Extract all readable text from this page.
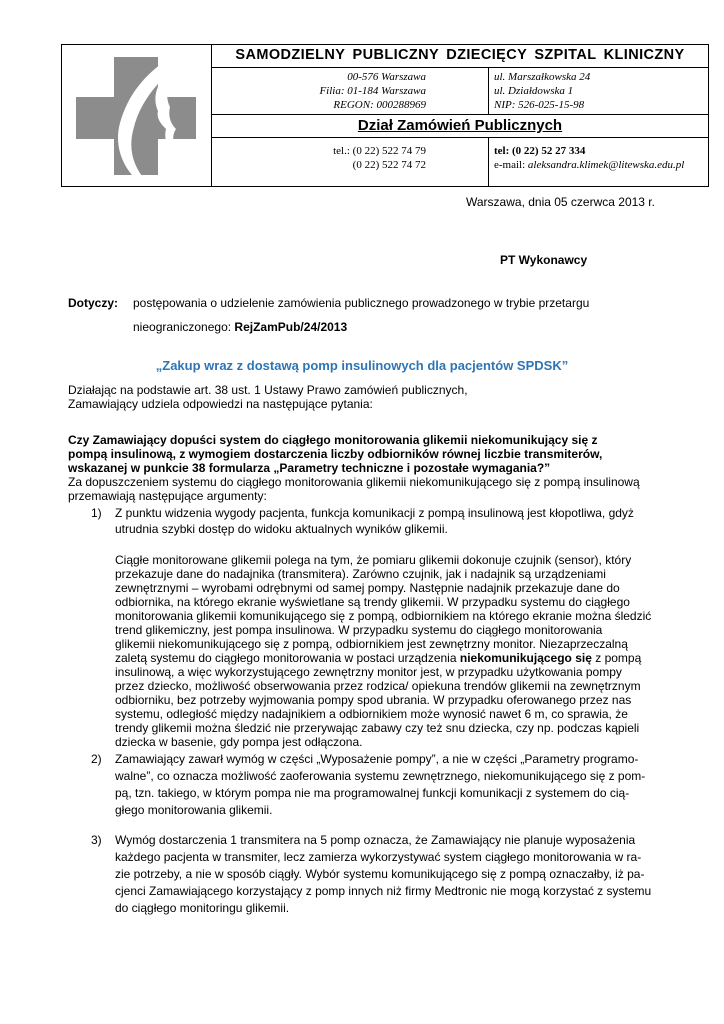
SAMODZIELNY PUBLICZNY DZIECIĘCY SZPITAL KLINICZNY
00-576 Warszawa
Filia: 01-184 Warszawa
REGON: 000288969
ul. Marszałkowska 24
ul. Działdowska 1
NIP: 526-025-15-98
Dział Zamówień Publicznych
tel.: (0 22) 522 74 79
(0 22) 522 74 72
tel: (0 22) 52 27 334
e-mail: aleksandra.klimek@litewska.edu.pl
Warszawa, dnia 05 czerwca 2013 r.
PT Wykonawcy
Dotyczy: postępowania o udzielenie zamówienia publicznego prowadzonego w trybie przetargu
nieograniczonego: RejZamPub/24/2013
„Zakup wraz z dostawą pomp insulinowych dla pacjentów SPDSK”
Działając na podstawie art. 38 ust. 1 Ustawy Prawo zamówień publicznych,
Zamawiający udziela odpowiedzi na następujące pytania:
Czy Zamawiający dopuści system do ciągłego monitorowania glikemii niekomunikujący się z
pompą insulinową, z wymogiem dostarczenia liczby odbiorników równej liczbie transmiterów,
wskazanej w punkcie 38 formularza „Parametry techniczne i pozostałe wymagania?”
Za dopuszczeniem systemu do ciągłego monitorowania glikemii niekomunikującego się z pompą insulinową
przemawiają następujące argumenty:
1) Z punktu widzenia wygody pacjenta, funkcja komunikacji z pompą insulinową jest kłopotliwa, gdyż
utrudnia szybki dostęp do widoku aktualnych wyników glikemii.
Ciągłe monitorowane glikemii polega na tym, że pomiaru glikemii dokonuje czujnik (sensor), który
przekazuje dane do nadajnika (transmitera). Zarówno czujnik, jak i nadajnik są urządzeniami
zewnętrznymi – wyrobami odrębnymi od samej pompy. Następnie nadajnik przekazuje dane do
odbiornika, na którego ekranie wyświetlane są trendy glikemii. W przypadku systemu do ciągłego
monitorowania glikemii komunikującego się z pompą, odbiornikiem na którego ekranie można śledzić
trend glikemiczny, jest pompa insulinowa. W przypadku systemu do ciągłego monitorowania
glikemii niekomunikującego się z pompą, odbiornikiem jest zewnętrzny monitor. Niezaprzeczalną
zaletą systemu do ciągłego monitorowania w postaci urządzenia niekomunikującego się z pompą
insulinową, a więc wykorzystującego zewnętrzny monitor jest, w przypadku użytkowania pompy
przez dziecko, możliwość obserwowania przez rodzica/ opiekuna trendów glikemii na zewnętrznym
odbiorniku, bez potrzeby wyjmowania pompy spod ubrania. W przypadku oferowanego przez nas
systemu, odległość między nadajnikiem a odbiornikiem może wynosić nawet 6 m, co sprawia, że
trendy glikemii można śledzić nie przerywając zabawy czy też snu dziecka, czy np. podczas kąpieli
dziecka w basenie, gdy pompa jest odłączona.
2) Zamawiający zawarł wymóg w części „Wyposażenie pompy”, a nie w części „Parametry programo-
walne”, co oznacza możliwość zaoferowania systemu zewnętrznego, niekomunikującego się z pom-
pą, tzn. takiego, w którym pompa nie ma programowalnej funkcji komunikacji z systemem do cią-
głego monitorowania glikemii.
3) Wymóg dostarczenia 1 transmitera na 5 pomp oznacza, że Zamawiający nie planuje wyposażenia
każdego pacjenta w transmiter, lecz zamierza wykorzystywać system ciągłego monitorowania w ra-
zie potrzeby, a nie w sposób ciągły. Wybór systemu komunikującego się z pompą oznaczałby, iż pa-
cjenci Zamawiającego korzystający z pomp innych niż firmy Medtronic nie mogą korzystać z systemu
do ciągłego monitoringu glikemii.
